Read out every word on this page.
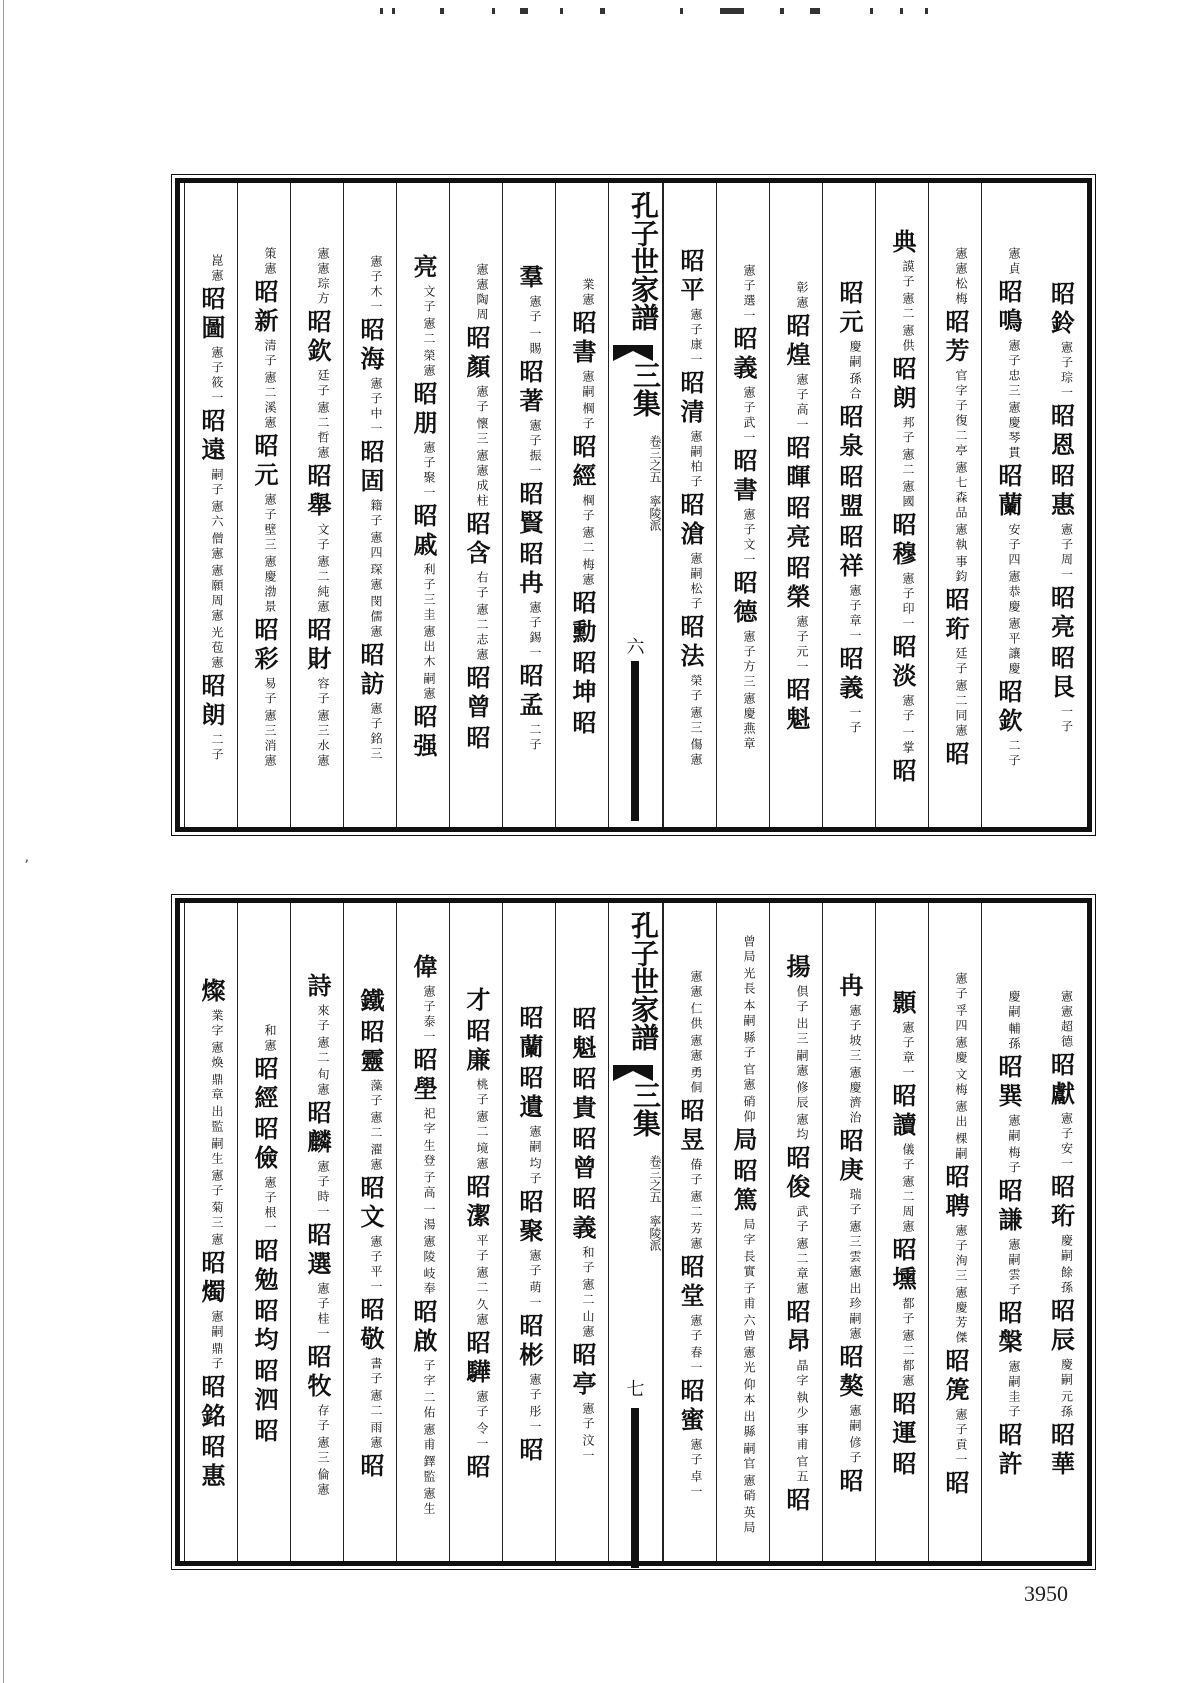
ʼ
昭鈴
憲子琮一
昭恩
昭惠
憲子周一
昭亮
昭艮
一子
憲貞
昭鳴
憲子忠三
憲慶琴貫
昭蘭
安子四
憲恭慶
憲平讓慶
昭欽
二子
憲憲松梅
昭芳
官字子復二亭
憲七森品
憲執
事鈞
昭珩
廷子
憲二同憲
昭
典
謨子
憲二
憲供
昭朗
邦子
憲二
憲國
昭穆
憲子印一
昭淡
憲子
一掌
昭
昭元
慶嗣
孫合
昭泉
昭盟
昭祥
憲子章一
昭義
一子
彰憲
昭煌
憲子高一
昭暉
昭亮
昭榮
憲子元一
昭魁
憲子選一
昭義
憲子武一
昭書
憲子文一
昭德
憲子方三
憲慶燕章
昭平
憲子康一
昭清
憲嗣柏子
昭滄
憲嗣松子
昭法
榮子
憲三
傷憲
孔子世家譜
三集
卷三之五　寧陵派
六
業憲
昭書
憲嗣
棡子
昭經
棡子
憲二
梅憲
昭勳
昭坤
昭
羣
憲子
一賜
昭著
憲子振一
昭賢
昭冉
憲子錫一
昭孟
二子
憲憲陶周
昭顏
憲子
懷三
憲憲成柱
昭含
右子
憲二志憲
昭曾
昭
亮
文子
憲二
榮憲
昭朋
憲子聚一
昭戚
利子三圭
憲出木
嗣憲
昭强
憲子木一
昭海
憲子中一
昭固
籍子
憲四
琛憲
閔儒憲
昭訪
憲子銘三
憲憲琮方
昭欽
廷子
憲二哲憲
昭舉
文子
憲二純憲
昭財
容子
憲三水憲
策憲
昭新
清子
憲二溪憲
昭元
憲子壁三
憲慶渤景
昭彩
易子
憲三消憲
崑憲
昭圖
憲子筱一
昭遠
嗣子
憲六
僧憲
憲願周憲
光苞憲
昭朗
二子
憲憲超德
昭獻
憲子安一
昭珩
慶嗣
餘孫
昭辰
慶嗣
元孫
昭華
慶嗣
輔孫
昭巽
憲嗣
梅子
昭謙
憲嗣雲子
昭槃
憲嗣圭子
昭許
憲子
孚四
憲慶
文梅
憲出
棵嗣
昭聘
憲子洵三
憲慶芳傑
昭箎
憲子貢一
昭
顥
憲子章一
昭讀
儀子
憲二周憲
昭壎
都子
憲二都憲
昭運
昭
冉
憲子坡三
憲慶濟治
昭庚
瑞子
憲三雲憲
出珍嗣憲
昭獒
憲嗣
偐子
昭
揚
倶子
出三
嗣憲
修辰
憲均
昭俊
武子
憲二章憲
昭昂
晶字
執少
事甫
官五
昭
曾局
光長
本嗣
縣子
官憲
硝仰
局
昭篤
局字
長實
子甫
六曾
憲光
仰本
出縣
嗣官
憲硝
英局
憲憲
仁供
憲憲
勇侗
昭昱
偆子
憲二
芳憲
昭堂
憲子
春一
昭蜜
憲子
卓一
孔子世家譜
三集
卷三之五　寧陵派
七
昭魁
昭貴
昭曾
昭義
和子
憲二
山憲
昭亭
憲子
汶一
昭蘭
昭遺
憲嗣
均子
昭聚
憲子
萌一
昭彬
憲子
彤一
昭
才
昭廉
桃子
憲二
境憲
昭潔
平子
憲二
久憲
昭驊
憲子
令一
昭
偉
憲子泰一
昭壆
祀字
生登
子高
一湯
憲陵
岐奉
昭啟
子字
二佑
憲甫
鐸監
憲生
鐵
昭靈
藻子
憲二
濯憲
昭文
憲子平一
昭敬
書子
憲二
雨憲
昭
詩
來子
憲二
旬憲
昭麟
憲子時一
昭選
憲子桂一
昭牧
存子
憲三
倫憲
和憲
昭經
昭儉
憲子根一
昭勉
昭均
昭泗
昭
燦
業字
憲煥
鼎章
出監
嗣生
憲子
菊三
憲
昭燭
憲嗣
鼎子
昭銘
昭惠
3950
